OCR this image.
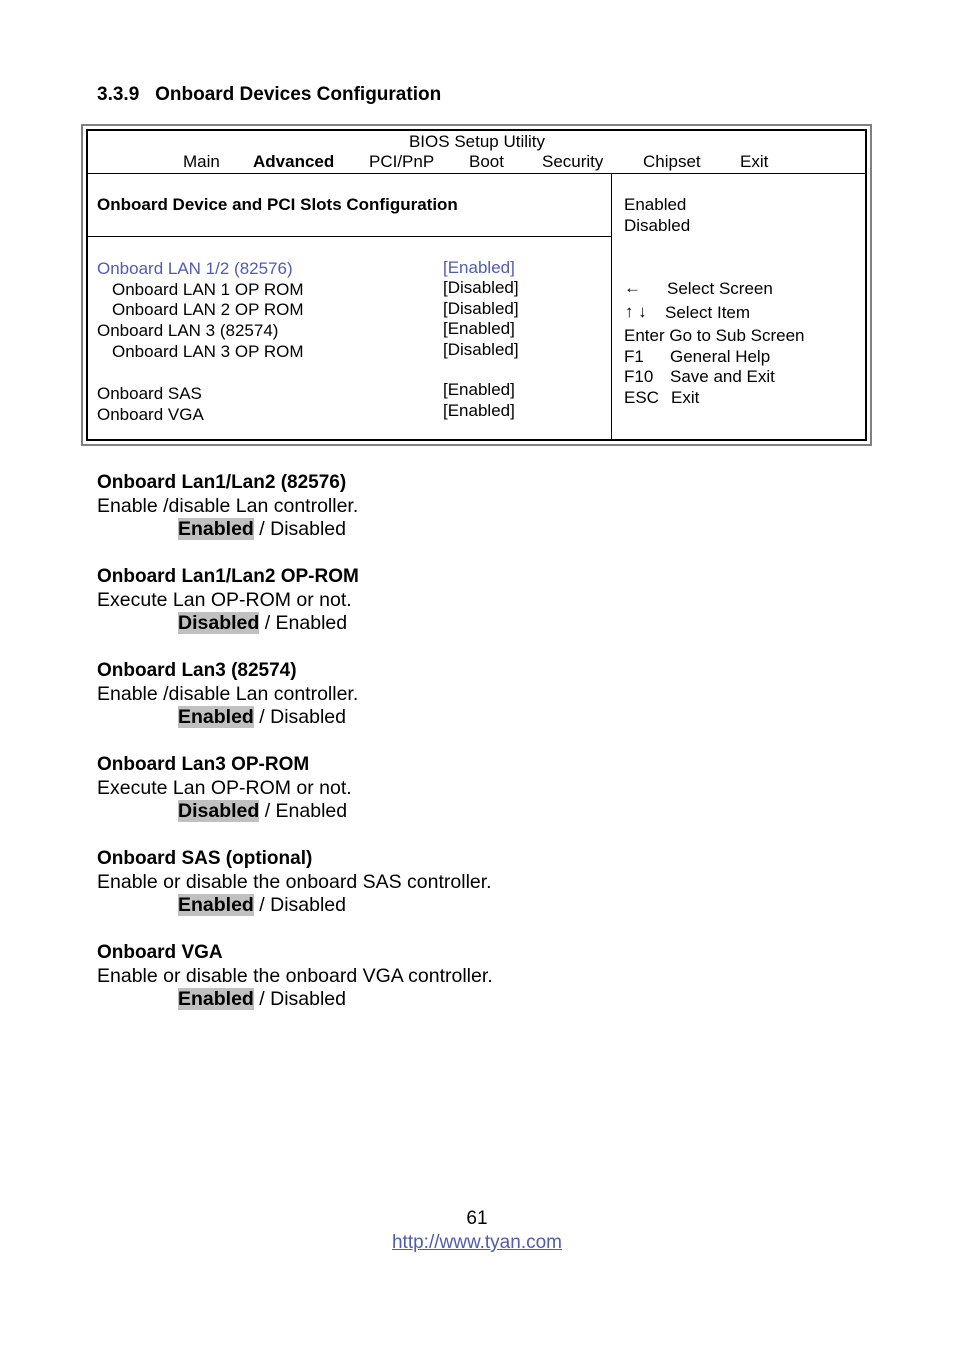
3.3.9 Onboard Devices Configuration
BIOS Setup Utility
Main Advanced PCI/PnP Boot Security Chipset Exit
Onboard Device and PCI Slots Configuration
Onboard LAN 1/2 (82576)	[Enabled]
Onboard LAN 1 OP ROM	[Disabled]
Onboard LAN 2 OP ROM	[Disabled]
Onboard LAN 3 (82574)	[Enabled]
Onboard LAN 3 OP ROM	[Disabled]
Onboard SAS	[Enabled]
Onboard VGA	[Enabled]
Enabled
Disabled
← Select Screen
↑ ↓ Select Item
Enter Go to Sub Screen
F1 General Help
F10 Save and Exit
ESC Exit
Onboard Lan1/Lan2 (82576)
Enable /disable Lan controller.
Enabled / Disabled
Onboard Lan1/Lan2 OP-ROM
Execute Lan OP-ROM or not.
Disabled / Enabled
Onboard Lan3 (82574)
Enable /disable Lan controller.
Enabled / Disabled
Onboard Lan3 OP-ROM
Execute Lan OP-ROM or not.
Disabled / Enabled
Onboard SAS (optional)
Enable or disable the onboard SAS controller.
Enabled / Disabled
Onboard VGA
Enable or disable the onboard VGA controller.
Enabled / Disabled
61
http://www.tyan.com
